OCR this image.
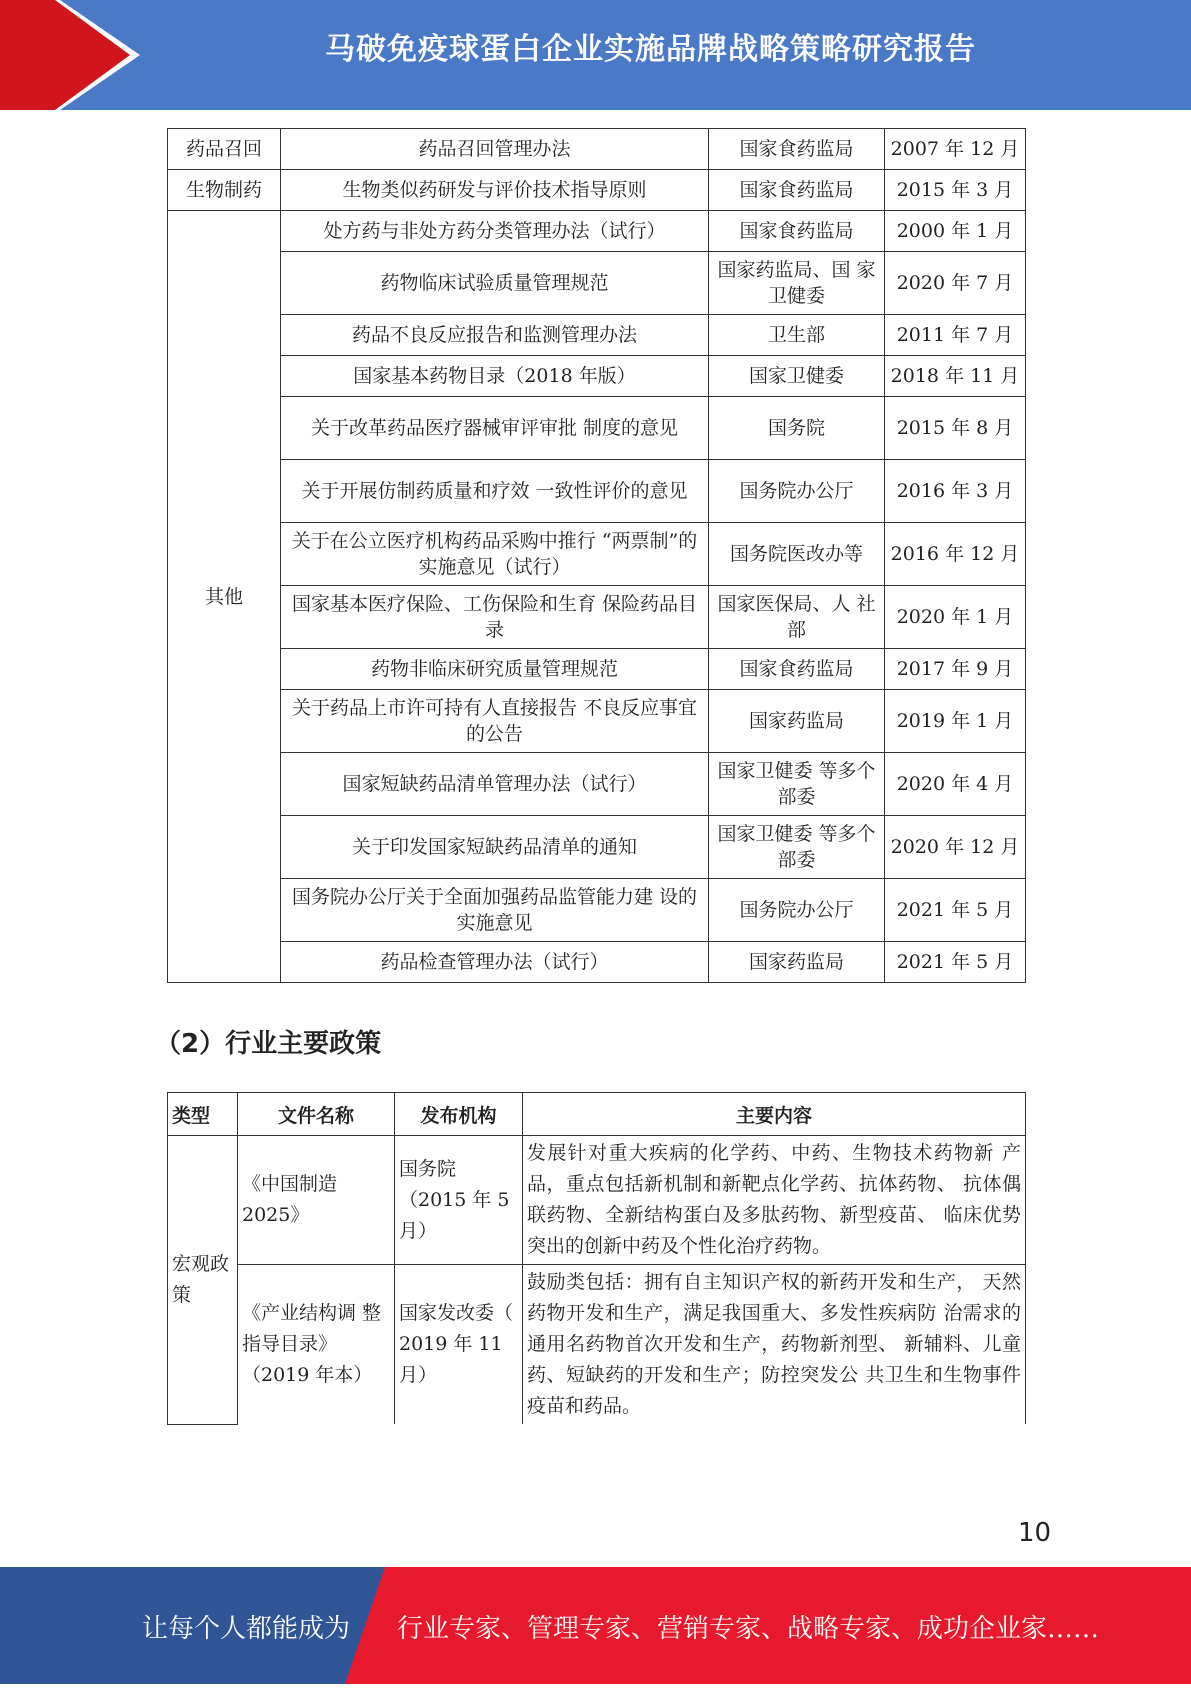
马破免疫球蛋白企业实施品牌战略策略研究报告
药品召回	药品召回管理办法	国家食药监局	2007 年 12 月
生物制药	生物类似药研发与评价技术指导原则	国家食药监局	2015 年 3 月
其他	处方药与非处方药分类管理办法（试行）	国家食药监局	2000 年 1 月
	药物临床试验质量管理规范	国家药监局、国 家卫健委	2020 年 7 月
	药品不良反应报告和监测管理办法	卫生部	2011 年 7 月
	国家基本药物目录（2018 年版）	国家卫健委	2018 年 11 月
	关于改革药品医疗器械审评审批 制度的意见	国务院	2015 年 8 月
	关于开展仿制药质量和疗效 一致性评价的意见	国务院办公厅	2016 年 3 月
	关于在公立医疗机构药品采购中推行 “两票制”的实施意见（试行）	国务院医改办等	2016 年 12 月
	国家基本医疗保险、工伤保险和生育 保险药品目录	国家医保局、人 社部	2020 年 1 月
	药物非临床研究质量管理规范	国家食药监局	2017 年 9 月
	关于药品上市许可持有人直接报告 不良反应事宜的公告	国家药监局	2019 年 1 月
	国家短缺药品清单管理办法（试行）	国家卫健委 等多个部委	2020 年 4 月
	关于印发国家短缺药品清单的通知	国家卫健委 等多个部委	2020 年 12 月
	国务院办公厅关于全面加强药品监管能力建 设的实施意见	国务院办公厅	2021 年 5 月
	药品检查管理办法（试行）	国家药监局	2021 年 5 月
（2）行业主要政策
类型	文件名称	发布机构	主要内容
宏观政策	《中国制造2025》	国务院（2015 年 5 月）	发展针对重大疾病的化学药、中药、生物技术药物新 产品，重点包括新机制和新靶点化学药、抗体药物、 抗体偶联药物、全新结构蛋白及多肽药物、新型疫苗、 临床优势突出的创新中药及个性化治疗药物。
	《产业结构调 整指导目录》（2019 年本）	国家发改委（ 2019 年 11月）	鼓励类包括：拥有自主知识产权的新药开发和生产， 天然药物开发和生产，满足我国重大、多发性疾病防 治需求的通用名药物首次开发和生产，药物新剂型、 新辅料、儿童药、短缺药的开发和生产；防控突发公 共卫生和生物事件疫苗和药品。
10
让每个人都能成为 行业专家、管理专家、营销专家、战略专家、成功企业家……
